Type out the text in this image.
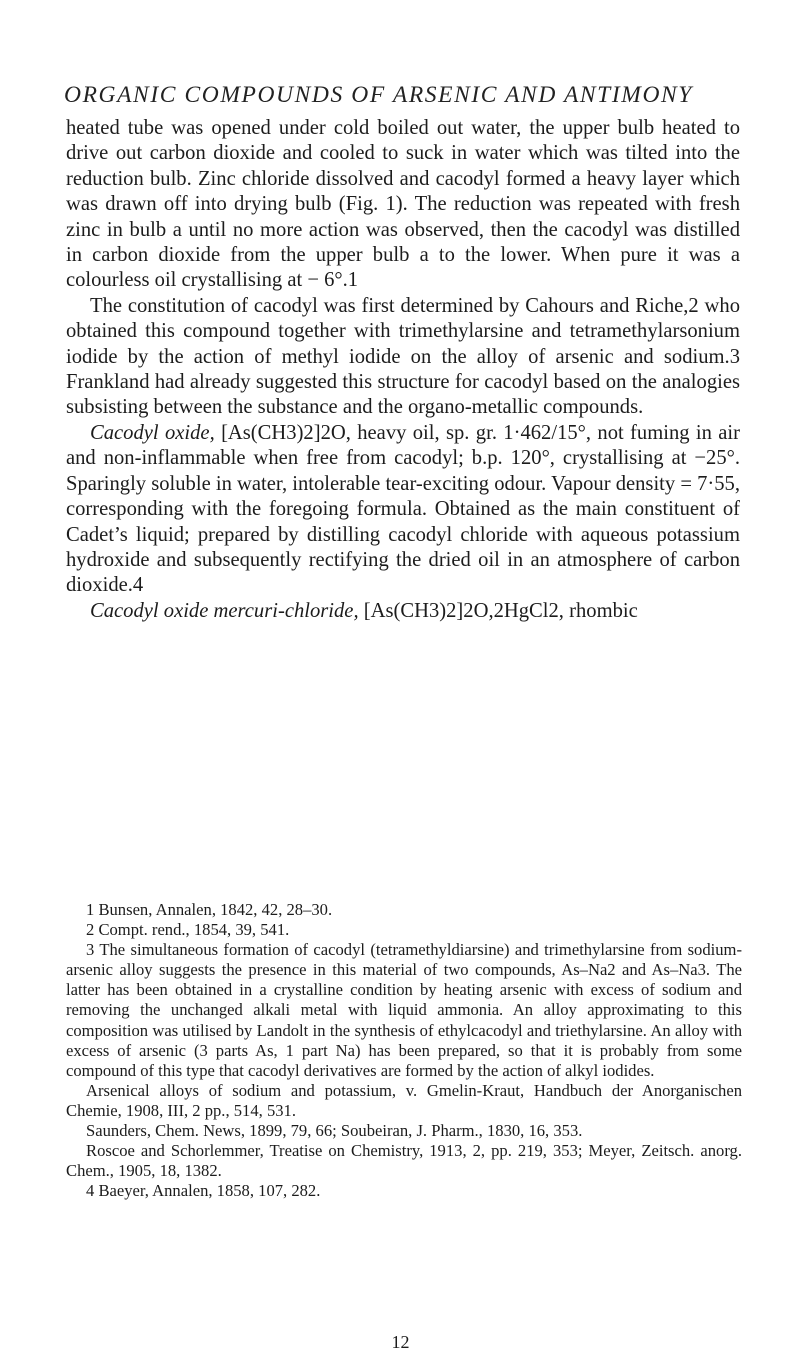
ORGANIC COMPOUNDS OF ARSENIC AND ANTIMONY

heated tube was opened under cold boiled out water, the upper bulb heated to drive out carbon dioxide and cooled to suck in water which was tilted into the reduction bulb. Zinc chloride dissolved and cacodyl formed a heavy layer which was drawn off into drying bulb (Fig. 1). The reduction was repeated with fresh zinc in bulb a until no more action was observed, then the cacodyl was distilled in carbon dioxide from the upper bulb a to the lower. When pure it was a colourless oil crystallising at − 6°.1

The constitution of cacodyl was first determined by Cahours and Riche,2 who obtained this compound together with trimethylarsine and tetramethylarsonium iodide by the action of methyl iodide on the alloy of arsenic and sodium.3 Frankland had already suggested this structure for cacodyl based on the analogies subsisting between the substance and the organo-metallic compounds.

Cacodyl oxide, [As(CH3)2]2O, heavy oil, sp. gr. 1·462/15°, not fuming in air and non-inflammable when free from cacodyl; b.p. 120°, crystallising at −25°. Sparingly soluble in water, intolerable tear-exciting odour. Vapour density = 7·55, corresponding with the foregoing formula. Obtained as the main constituent of Cadet’s liquid; prepared by distilling cacodyl chloride with aqueous potassium hydroxide and subsequently rectifying the dried oil in an atmosphere of carbon dioxide.4

Cacodyl oxide mercuri-chloride, [As(CH3)2]2O,2HgCl2, rhombic

1 Bunsen, Annalen, 1842, 42, 28–30.

2 Compt. rend., 1854, 39, 541.

3 The simultaneous formation of cacodyl (tetramethyldiarsine) and trimethylarsine from sodium-arsenic alloy suggests the presence in this material of two compounds, As–Na2 and As–Na3. The latter has been obtained in a crystalline condition by heating arsenic with excess of sodium and removing the unchanged alkali metal with liquid ammonia. An alloy approximating to this composition was utilised by Landolt in the synthesis of ethylcacodyl and triethylarsine. An alloy with excess of arsenic (3 parts As, 1 part Na) has been prepared, so that it is probably from some compound of this type that cacodyl derivatives are formed by the action of alkyl iodides.

Arsenical alloys of sodium and potassium, v. Gmelin-Kraut, Handbuch der Anorganischen Chemie, 1908, III, 2 pp., 514, 531.

Saunders, Chem. News, 1899, 79, 66; Soubeiran, J. Pharm., 1830, 16, 353.

Roscoe and Schorlemmer, Treatise on Chemistry, 1913, 2, pp. 219, 353; Meyer, Zeitsch. anorg. Chem., 1905, 18, 1382.

4 Baeyer, Annalen, 1858, 107, 282.

12
